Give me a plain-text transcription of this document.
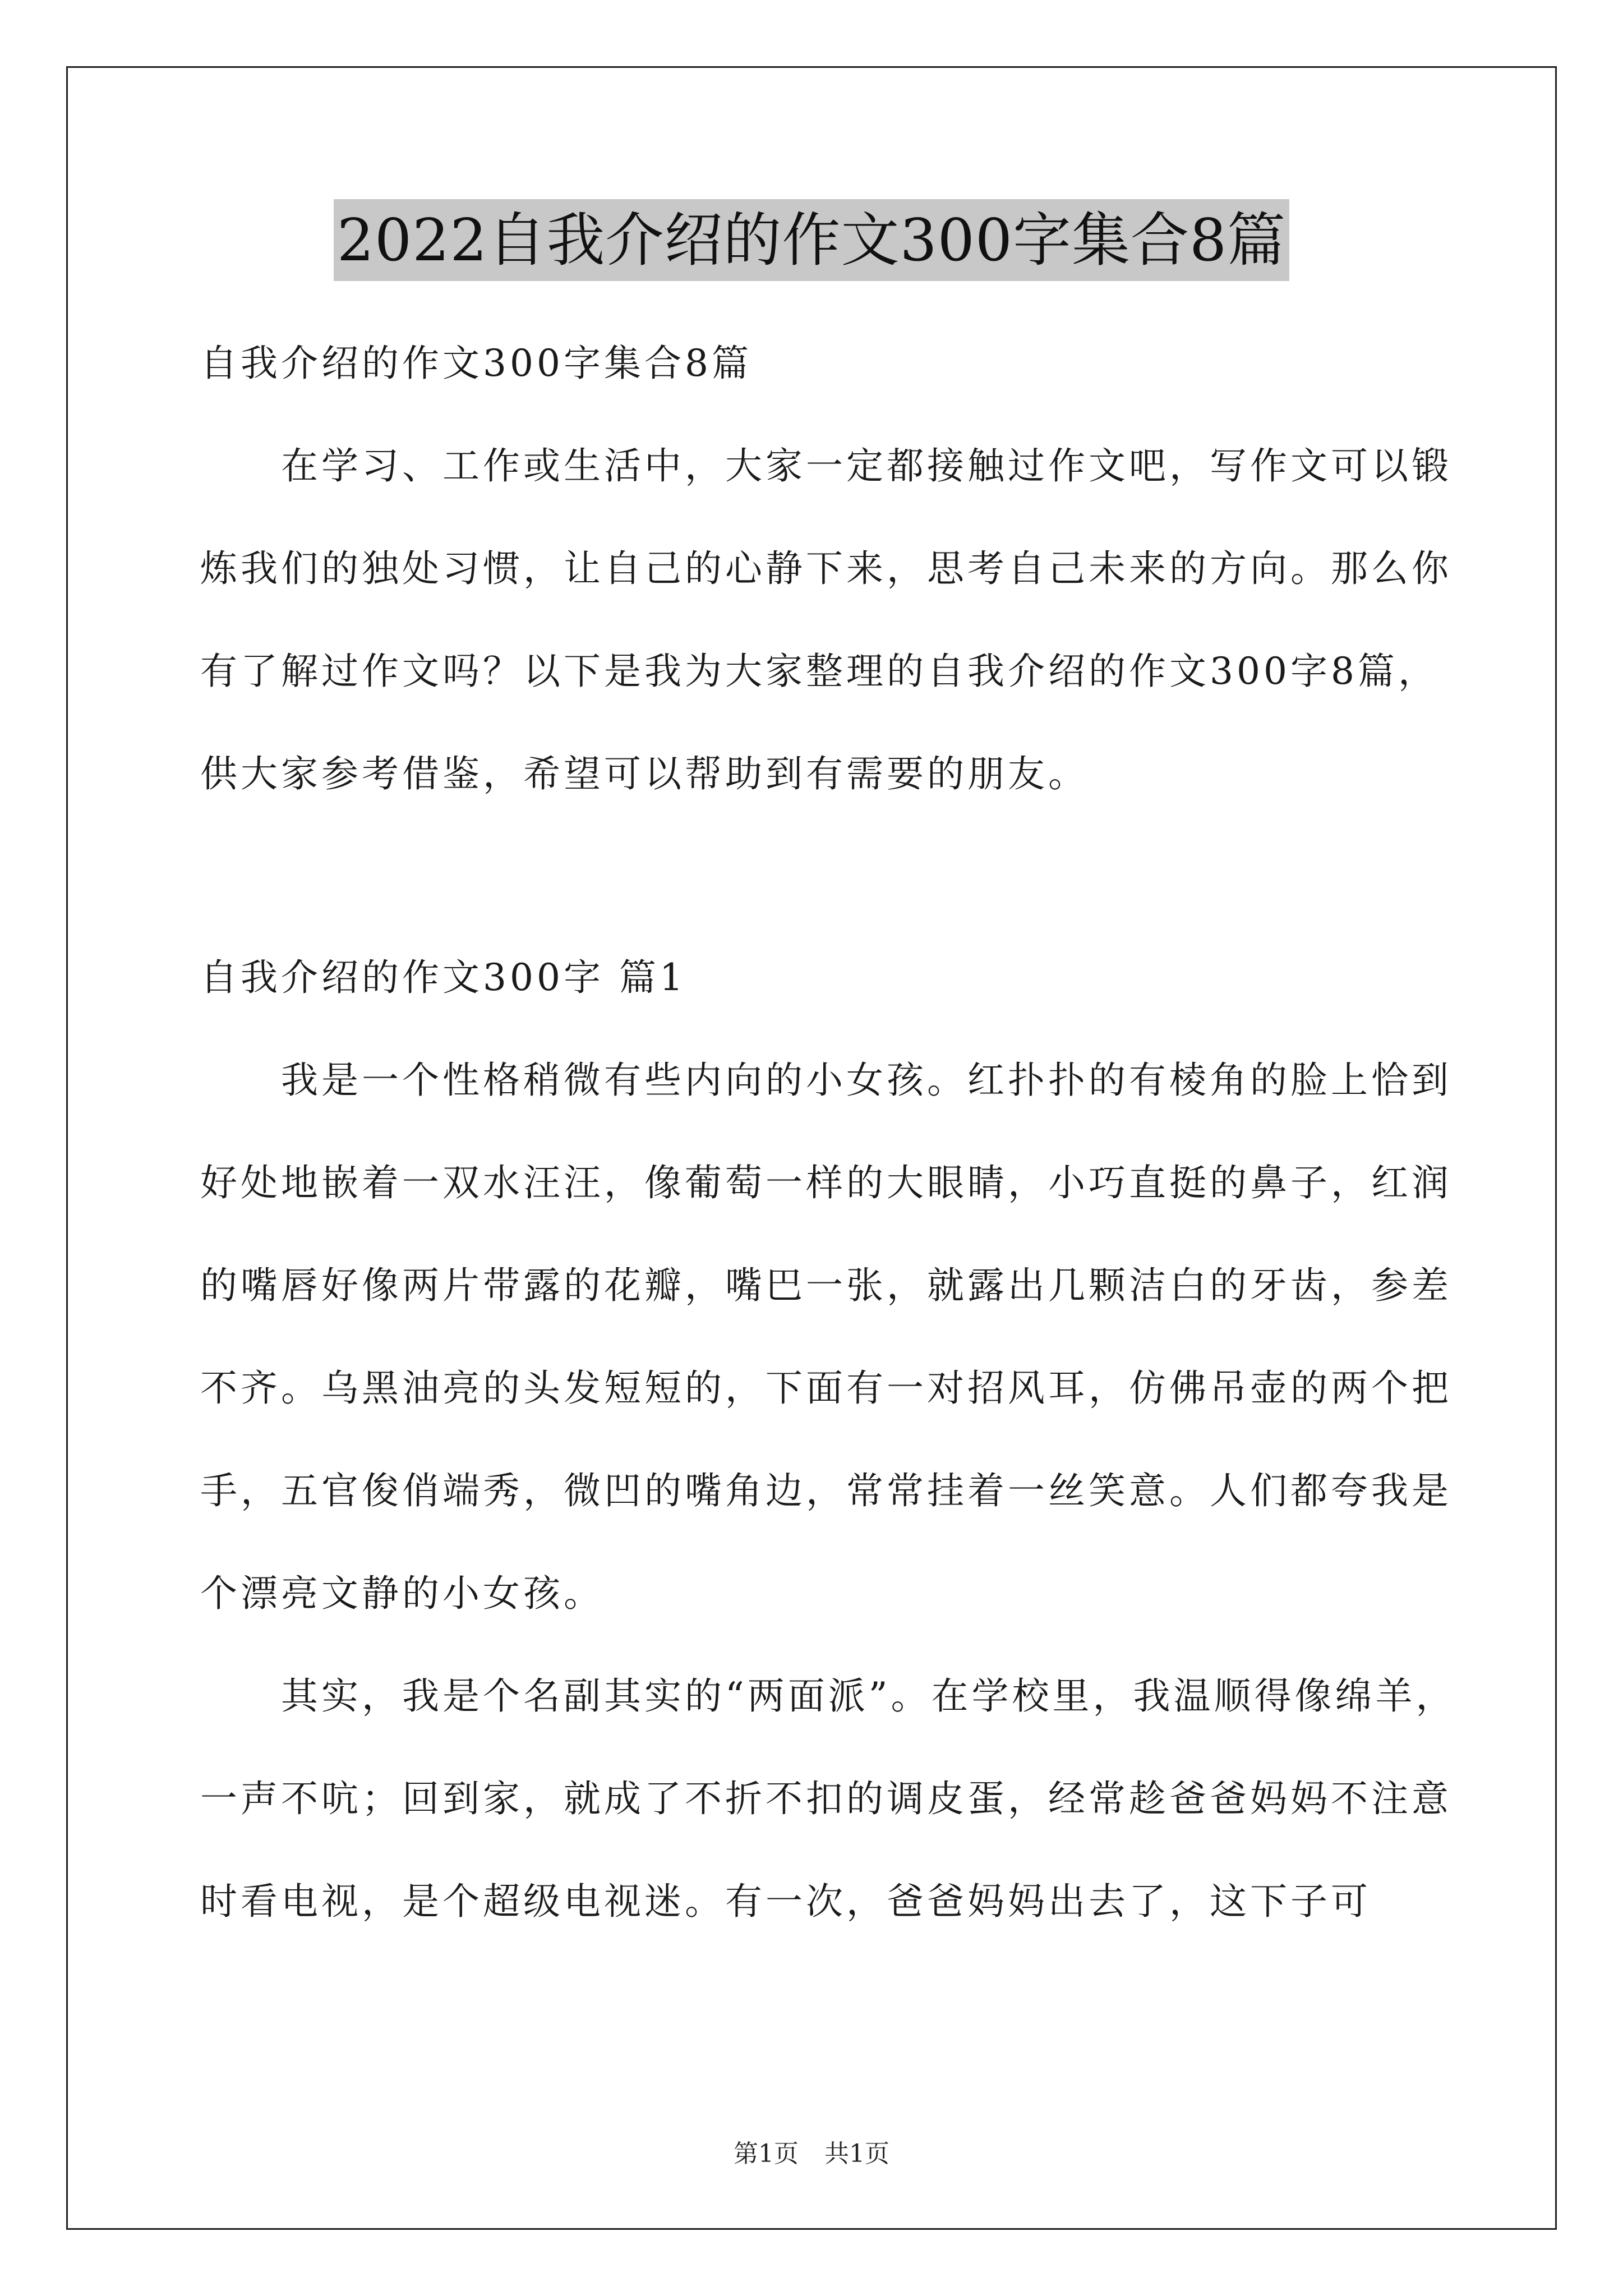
2022自我介绍的作文300字集合8篇

自我介绍的作文300字集合8篇

在学习、工作或生活中，大家一定都接触过作文吧，写作文可以锻炼我们的独处习惯，让自己的心静下来，思考自己未来的方向。那么你有了解过作文吗？以下是我为大家整理的自我介绍的作文300字8篇，供大家参考借鉴，希望可以帮助到有需要的朋友。

自我介绍的作文300字 篇1

我是一个性格稍微有些内向的小女孩。红扑扑的有棱角的脸上恰到好处地嵌着一双水汪汪，像葡萄一样的大眼睛，小巧直挺的鼻子，红润的嘴唇好像两片带露的花瓣，嘴巴一张，就露出几颗洁白的牙齿，参差不齐。乌黑油亮的头发短短的，下面有一对招风耳，仿佛吊壶的两个把手，五官俊俏端秀，微凹的嘴角边，常常挂着一丝笑意。人们都夸我是个漂亮文静的小女孩。

其实，我是个名副其实的“两面派”。在学校里，我温顺得像绵羊，一声不吭；回到家，就成了不折不扣的调皮蛋，经常趁爸爸妈妈不注意时看电视，是个超级电视迷。有一次，爸爸妈妈出去了，这下子可

第1页 共1页
